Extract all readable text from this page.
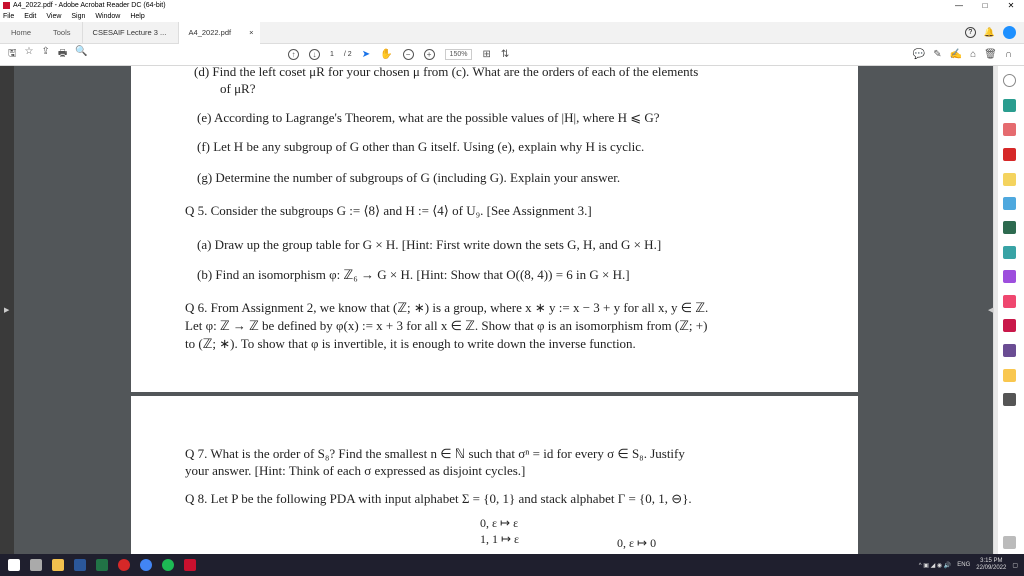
A4_2022.pdf - Adobe Acrobat Reader DC (64-bit)	—	□	✕
File Edit View Sign Window Help
Home	Tools	CSESAIF Lecture 3 ...	A4_2022.pdf ×	?	🔔
🖫 ☆ ⇪ 🖶 🔍	↑	↓	1 / 2 ➤ ✋	−	+	150%	⊞ ⇅	💬 ✎ ✍ ⌂ 🗑 ∩
▶
(d) Find the left coset μR for your chosen μ from (c). What are the orders of each of the elements
of μR?
(e) According to Lagrange's Theorem, what are the possible values of |H|, where H ⩽ G?
(f) Let H be any subgroup of G other than G itself. Using (e), explain why H is cyclic.
(g) Determine the number of subgroups of G (including G). Explain your answer.
Q 5. Consider the subgroups G := ⟨8⟩ and H := ⟨4⟩ of U₉. [See Assignment 3.]
(a) Draw up the group table for G × H. [Hint: First write down the sets G, H, and G × H.]
(b) Find an isomorphism φ: ℤ₆ → G × H. [Hint: Show that O((8, 4)) = 6 in G × H.]
Q 6. From Assignment 2, we know that (ℤ; ∗) is a group, where x ∗ y := x − 3 + y for all x, y ∈ ℤ.
Let φ: ℤ → ℤ be defined by φ(x) := x + 3 for all x ∈ ℤ. Show that φ is an isomorphism from (ℤ; +)
to (ℤ; ∗). To show that φ is invertible, it is enough to write down the inverse function.
Q 7. What is the order of S₈? Find the smallest n ∈ ℕ such that σⁿ = id for every σ ∈ S₈. Justify
your answer. [Hint: Think of each σ expressed as disjoint cycles.]
Q 8. Let P be the following PDA with input alphabet Σ = {0, 1} and stack alphabet Γ = {0, 1, ⊖}.
0, ε ↦ ε
1, 1 ↦ ε	0, ε ↦ 0
◀
^ ▣ ◢ ◉ 🔊 ENG
3:15 PM
22/09/2022 ▢
